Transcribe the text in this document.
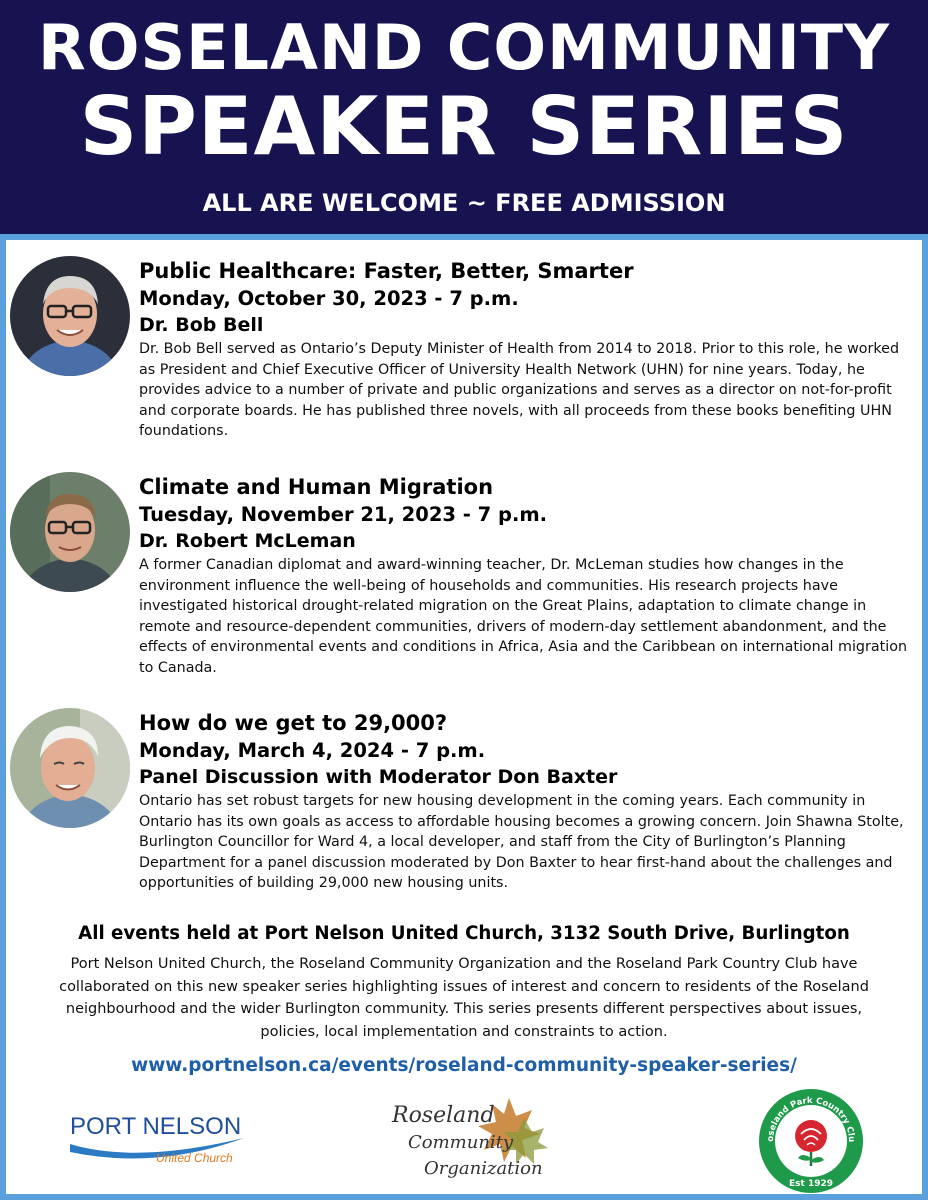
ROSELAND COMMUNITY
SPEAKER SERIES
ALL ARE WELCOME ~ FREE ADMISSION
Public Healthcare: Faster, Better, Smarter
Monday, October 30, 2023 - 7 p.m.
Dr. Bob Bell
Dr. Bob Bell served as Ontario’s Deputy Minister of Health from 2014 to 2018. Prior to this role, he worked as President and Chief Executive Officer of University Health Network (UHN) for nine years. Today, he provides advice to a number of private and public organizations and serves as a director on not-for-profit and corporate boards. He has published three novels, with all proceeds from these books benefiting UHN foundations.
Climate and Human Migration
Tuesday, November 21, 2023 - 7 p.m.
Dr. Robert McLeman
A former Canadian diplomat and award-winning teacher, Dr. McLeman studies how changes in the environment influence the well-being of households and communities. His research projects have investigated historical drought-related migration on the Great Plains, adaptation to climate change in remote and resource-dependent communities, drivers of modern-day settlement abandonment, and the effects of environmental events and conditions in Africa, Asia and the Caribbean on international migration to Canada.
How do we get to 29,000?
Monday, March 4, 2024 - 7 p.m.
Panel Discussion with Moderator Don Baxter
Ontario has set robust targets for new housing development in the coming years. Each community in Ontario has its own goals as access to affordable housing becomes a growing concern. Join Shawna Stolte, Burlington Councillor for Ward 4, a local developer, and staff from the City of Burlington’s Planning Department for a panel discussion moderated by Don Baxter to hear first-hand about the challenges and opportunities of building 29,000 new housing units.
All events held at Port Nelson United Church, 3132 South Drive, Burlington
Port Nelson United Church, the Roseland Community Organization and the Roseland Park Country Club have collaborated on this new speaker series highlighting issues of interest and concern to residents of the Roseland neighbourhood and the wider Burlington community. This series presents different perspectives about issues, policies, local implementation and constraints to action.
www.portnelson.ca/events/roseland-community-speaker-series/
PORT NELSON
United Church
Roseland
Community
Organization
oseland Park Country Clu
Est 1929
